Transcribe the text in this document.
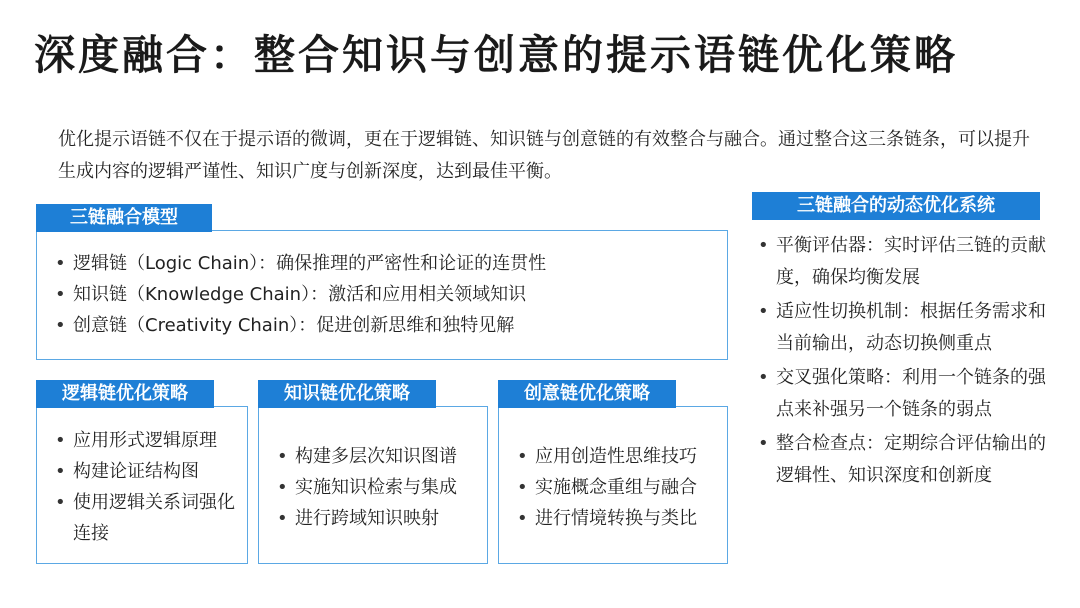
深度融合：整合知识与创意的提示语链优化策略
优化提示语链不仅在于提示语的微调，更在于逻辑链、知识链与创意链的有效整合与融合。通过整合这三条链条，可以提升生成内容的逻辑严谨性、知识广度与创新深度，达到最佳平衡。
三链融合模型
• 逻辑链（Logic Chain）：确保推理的严密性和论证的连贯性
• 知识链（Knowledge Chain）：激活和应用相关领域知识
• 创意链（Creativity Chain）：促进创新思维和独特见解
逻辑链优化策略
• 应用形式逻辑原理
• 构建论证结构图
• 使用逻辑关系词强化连接
知识链优化策略
• 构建多层次知识图谱
• 实施知识检索与集成
• 进行跨域知识映射
创意链优化策略
• 应用创造性思维技巧
• 实施概念重组与融合
• 进行情境转换与类比
三链融合的动态优化系统
• 平衡评估器：实时评估三链的贡献度，确保均衡发展
• 适应性切换机制：根据任务需求和当前输出，动态切换侧重点
• 交叉强化策略：利用一个链条的强点来补强另一个链条的弱点
• 整合检查点：定期综合评估输出的逻辑性、知识深度和创新度
